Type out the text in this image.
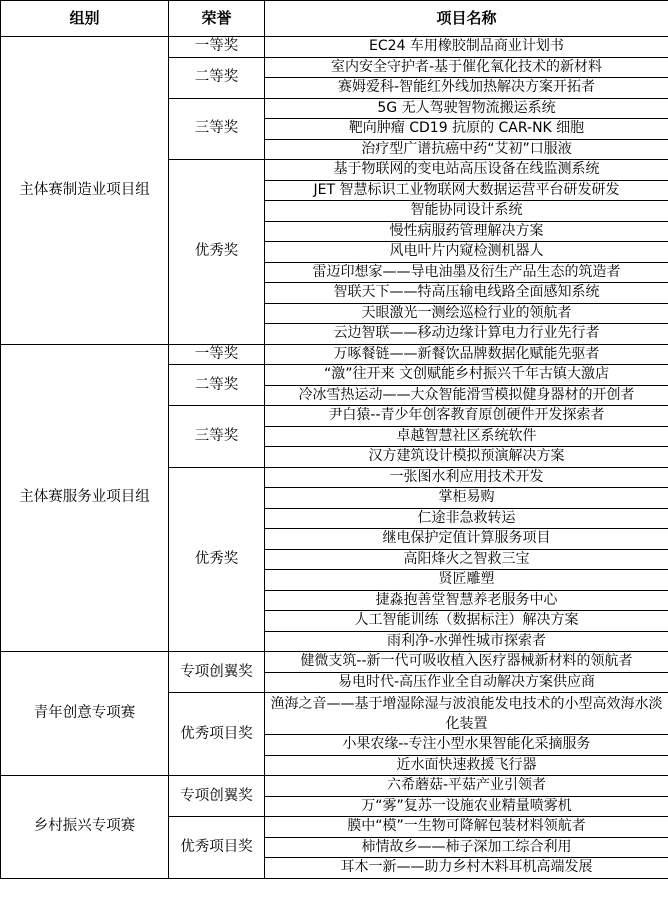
组别	荣誉	项目名称
主体赛制造业项目组	一等奖	EC24 车用橡胶制品商业计划书
	二等奖	室内安全守护者-基于催化氧化技术的新材料
		赛姆爱科-智能红外线加热解决方案开拓者
	三等奖	5G 无人驾驶智物流搬运系统
		靶向肿瘤 CD19 抗原的 CAR-NK 细胞
		治疗型广谱抗癌中药“艾初”口服液
	优秀奖	基于物联网的变电站高压设备在线监测系统
		JET 智慧标识工业物联网大数据运营平台研发研发
		智能协同设计系统
		慢性病服药管理解决方案
		风电叶片内窥检测机器人
		雷迈印想家——导电油墨及衍生产品生态的筑造者
		智联天下——特高压输电线路全面感知系统
		天眼激光一测绘巡检行业的领航者
		云边智联——移动边缘计算电力行业先行者
主体赛服务业项目组	一等奖	万啄餐链——新餐饮品牌数据化赋能先驱者
	二等奖	“激”往开来 文创赋能乡村振兴千年古镇大激店
		冷冰雪热运动——大众智能滑雪模拟健身器材的开创者
	三等奖	尹白猿--青少年创客教育原创硬件开发探索者
		卓越智慧社区系统软件
		汉方建筑设计模拟预演解决方案
	优秀奖	一张图水利应用技术开发
		掌柜易购
		仁途非急救转运
		继电保护定值计算服务项目
		高阳烽火之智救三宝
		贤匠雕塑
		捷淼抱善堂智慧养老服务中心
		人工智能训练（数据标注）解决方案
		雨利净-水弹性城市探索者
青年创意专项赛	专项创翼奖	健微支筑--新一代可吸收植入医疗器械新材料的领航者
		易电时代-高压作业全自动解决方案供应商
	优秀项目奖	渔海之音——基于增湿除湿与波浪能发电技术的小型高效海水淡化装置
		小果农缘--专注小型水果智能化采摘服务
		近水面快速救援飞行器
乡村振兴专项赛	专项创翼奖	六希蘑菇-平菇产业引领者
		万“雾”复苏一设施农业精量喷雾机
	优秀项目奖	膜中“模”一生物可降解包装材料领航者
		柿情故乡——柿子深加工综合利用
		耳木一新——助力乡村木料耳机高端发展
